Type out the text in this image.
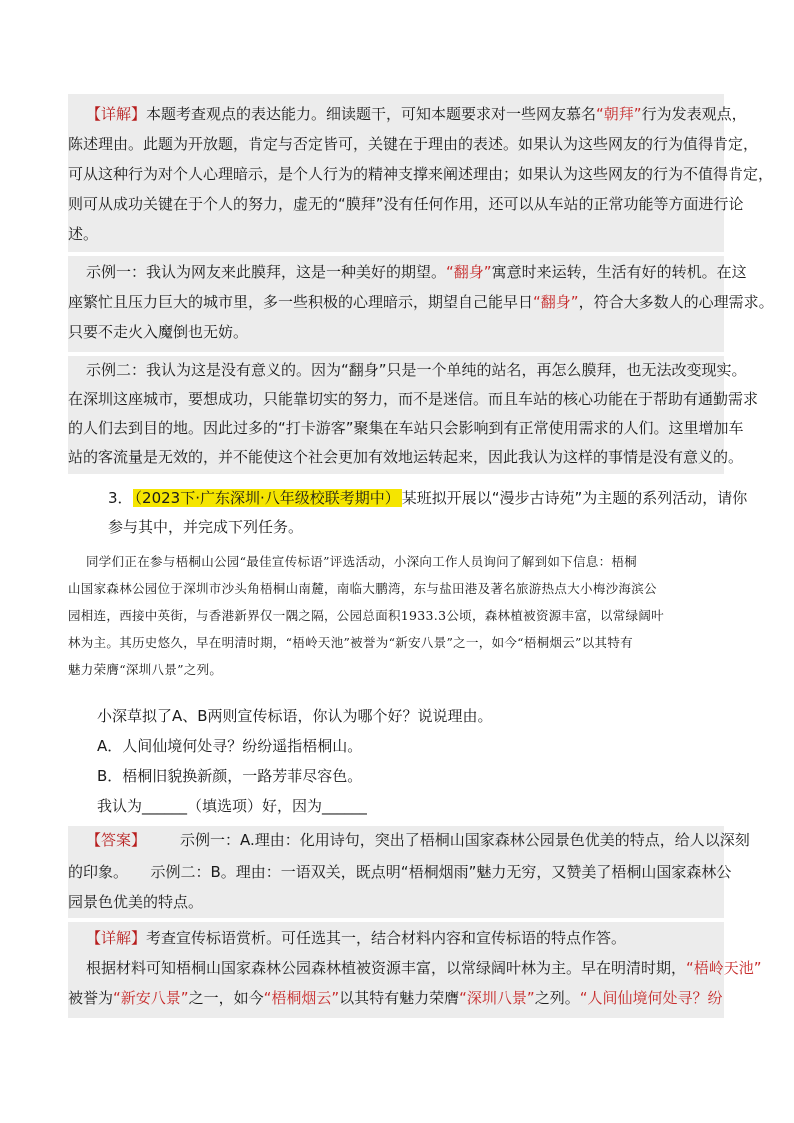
【详解】本题考查观点的表达能力。细读题干，可知本题要求对一些网友慕名“朝拜”行为发表观点，
陈述理由。此题为开放题，肯定与否定皆可，关键在于理由的表述。如果认为这些网友的行为值得肯定，
可从这种行为对个人心理暗示，是个人行为的精神支撑来阐述理由；如果认为这些网友的行为不值得肯定，
则可从成功关键在于个人的努力，虚无的“膜拜”没有任何作用，还可以从车站的正常功能等方面进行论
述。
示例一：我认为网友来此膜拜，这是一种美好的期望。“翻身”寓意时来运转，生活有好的转机。在这
座繁忙且压力巨大的城市里，多一些积极的心理暗示，期望自己能早日“翻身”，符合大多数人的心理需求。
只要不走火入魔倒也无妨。
示例二：我认为这是没有意义的。因为“翻身”只是一个单纯的站名，再怎么膜拜，也无法改变现实。
在深圳这座城市，要想成功，只能靠切实的努力，而不是迷信。而且车站的核心功能在于帮助有通勤需求
的人们去到目的地。因此过多的“打卡游客”聚集在车站只会影响到有正常使用需求的人们。这里增加车
站的客流量是无效的，并不能使这个社会更加有效地运转起来，因此我认为这样的事情是没有意义的。
3． （2023下·广东深圳·八年级校联考期中） 某班拟开展以“漫步古诗苑”为主题的系列活动，请你
参与其中，并完成下列任务。
同学们正在参与梧桐山公园“最佳宣传标语”评选活动，小深向工作人员询问了解到如下信息：梧桐
山国家森林公园位于深圳市沙头角梧桐山南麓，南临大鹏湾，东与盐田港及著名旅游热点大小梅沙海滨公
园相连，西接中英街，与香港新界仅一隅之隔，公园总面积1933.3公顷，森林植被资源丰富，以常绿阔叶
林为主。其历史悠久，早在明清时期，“梧岭天池”被誉为“新安八景”之一，如今“梧桐烟云”以其特有
魅力荣膺“深圳八景”之列。
小深草拟了A、B两则宣传标语，你认为哪个好？说说理由。
A．人间仙境何处寻？纷纷遥指梧桐山。
B．梧桐旧貌换新颜，一路芳菲尽容色。
我认为______（填选项）好，因为______
【答案】 示例一：A.理由：化用诗句，突出了梧桐山国家森林公园景色优美的特点，给人以深刻
的印象。　　示例二：B。理由：一语双关，既点明“梧桐烟雨”魅力无穷，又赞美了梧桐山国家森林公
园景色优美的特点。
【详解】考查宣传标语赏析。可任选其一，结合材料内容和宣传标语的特点作答。
根据材料可知梧桐山国家森林公园森林植被资源丰富，以常绿阔叶林为主。早在明清时期，“梧岭天池”
被誉为“新安八景”之一，如今“梧桐烟云”以其特有魅力荣膺“深圳八景”之列。“人间仙境何处寻？纷
